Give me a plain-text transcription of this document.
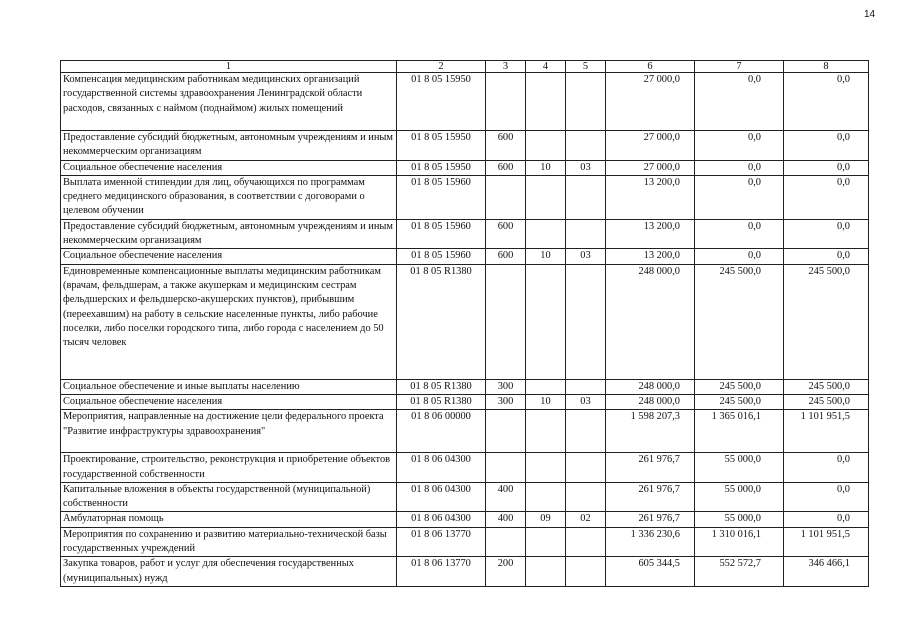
14
1	2	3	4	5	6	7	8
Компенсация медицинским работникам медицинских организаций государственной системы здравоохранения Ленинградской области расходов, связанных с наймом (поднаймом) жилых помещений	01 8 05 15950				27 000,0	0,0	0,0
Предоставление субсидий бюджетным, автономным учреждениям и иным некоммерческим организациям	01 8 05 15950	600			27 000,0	0,0	0,0
Социальное обеспечение населения	01 8 05 15950	600	10	03	27 000,0	0,0	0,0
Выплата именной стипендии для лиц, обучающихся по программам среднего медицинского образования, в соответствии с договорами о целевом обучении	01 8 05 15960				13 200,0	0,0	0,0
Предоставление субсидий бюджетным, автономным учреждениям и иным некоммерческим организациям	01 8 05 15960	600			13 200,0	0,0	0,0
Социальное обеспечение населения	01 8 05 15960	600	10	03	13 200,0	0,0	0,0
Единовременные компенсационные выплаты медицинским работникам (врачам, фельдшерам, а также акушеркам и медицинским сестрам фельдшерских и фельдшерско-акушерских пунктов), прибывшим (переехавшим) на работу в сельские населенные пункты, либо рабочие поселки, либо поселки городского типа, либо города с населением до 50 тысяч человек	01 8 05 R1380				248 000,0	245 500,0	245 500,0
Социальное обеспечение и иные выплаты населению	01 8 05 R1380	300			248 000,0	245 500,0	245 500,0
Социальное обеспечение населения	01 8 05 R1380	300	10	03	248 000,0	245 500,0	245 500,0
Мероприятия, направленные на достижение цели федерального проекта "Развитие инфраструктуры здравоохранения"	01 8 06 00000				1 598 207,3	1 365 016,1	1 101 951,5
Проектирование, строительство, реконструкция и приобретение объектов государственной собственности	01 8 06 04300				261 976,7	55 000,0	0,0
Капитальные вложения в объекты государственной (муниципальной) собственности	01 8 06 04300	400			261 976,7	55 000,0	0,0
Амбулаторная помощь	01 8 06 04300	400	09	02	261 976,7	55 000,0	0,0
Мероприятия по сохранению и развитию материально-технической базы государственных учреждений	01 8 06 13770				1 336 230,6	1 310 016,1	1 101 951,5
Закупка товаров, работ и услуг для обеспечения государственных (муниципальных) нужд	01 8 06 13770	200			605 344,5	552 572,7	346 466,1
